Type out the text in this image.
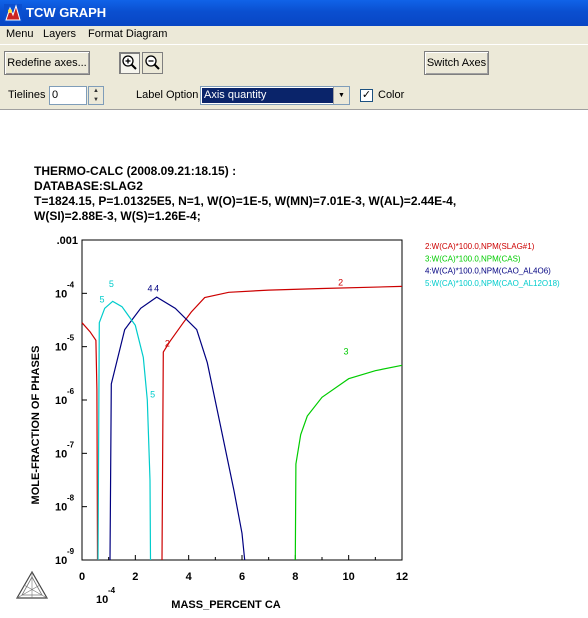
TCW GRAPH
Menu Layers Format Diagram
Redefine axes...	Switch Axes
Tielines 0	▲
▼	Label Option Axis quantity	▼	Color
✓
THERMO-CALC (2008.09.21:18.15) :
DATABASE:SLAG2
T=1824.15, P=1.01325E5, N=1, W(O)=1E-5, W(MN)=7.01E-3, W(AL)=2.44E-4,
W(SI)=2.88E-3, W(S)=1.26E-4;
0	2	4	6	8	10	12
.001
10
-4
10
-5
10
-6
10
-7
10
-8
10
-9
2
2
3
4
4
5
5
5
2:W(CA)*100.0,NPM(SLAG#1)
3:W(CA)*100.0,NPM(CAS)
4:W(CA)*100.0,NPM(CAO_AL4O6)
5:W(CA)*100.0,NPM(CAO_AL12O18)
MASS_PERCENT CA
MOLE-FRACTION OF PHASES
10
-4
